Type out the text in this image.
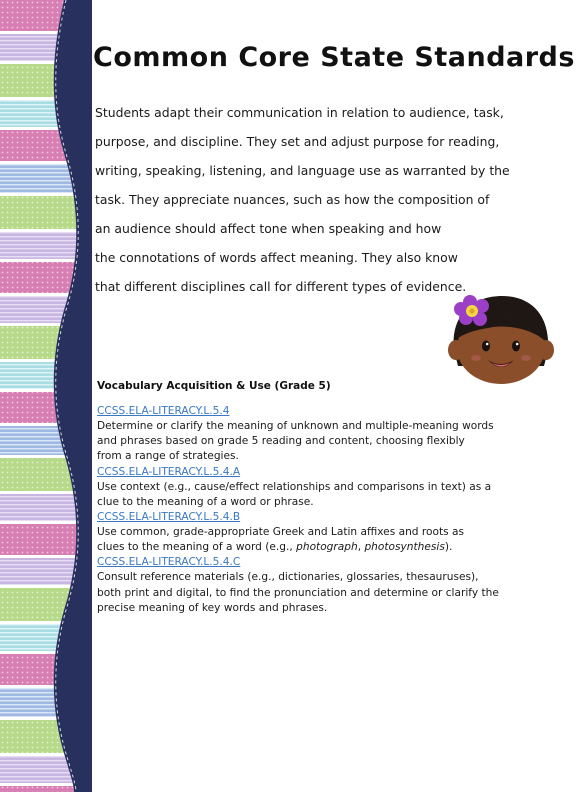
Common Core State Standards
Students adapt their communication in relation to audience, task,
purpose, and discipline. They set and adjust purpose for reading,
writing, speaking, listening, and language use as warranted by the
task. They appreciate nuances, such as how the composition of
an audience should affect tone when speaking and how
the connotations of words affect meaning. They also know
that different disciplines call for different types of evidence.
Vocabulary Acquisition & Use (Grade 5)
CCSS.ELA-LITERACY.L.5.4

Determine or clarify the meaning of unknown and multiple-meaning words
and phrases based on grade 5 reading and content, choosing flexibly
from a range of strategies.

CCSS.ELA-LITERACY.L.5.4.A

Use context (e.g., cause/effect relationships and comparisons in text) as a
clue to the meaning of a word or phrase.

CCSS.ELA-LITERACY.L.5.4.B

Use common, grade-appropriate Greek and Latin affixes and roots as
clues to the meaning of a word (e.g., photograph, photosynthesis).

CCSS.ELA-LITERACY.L.5.4.C

Consult reference materials (e.g., dictionaries, glossaries, thesauruses),
both print and digital, to find the pronunciation and determine or clarify the
precise meaning of key words and phrases.
